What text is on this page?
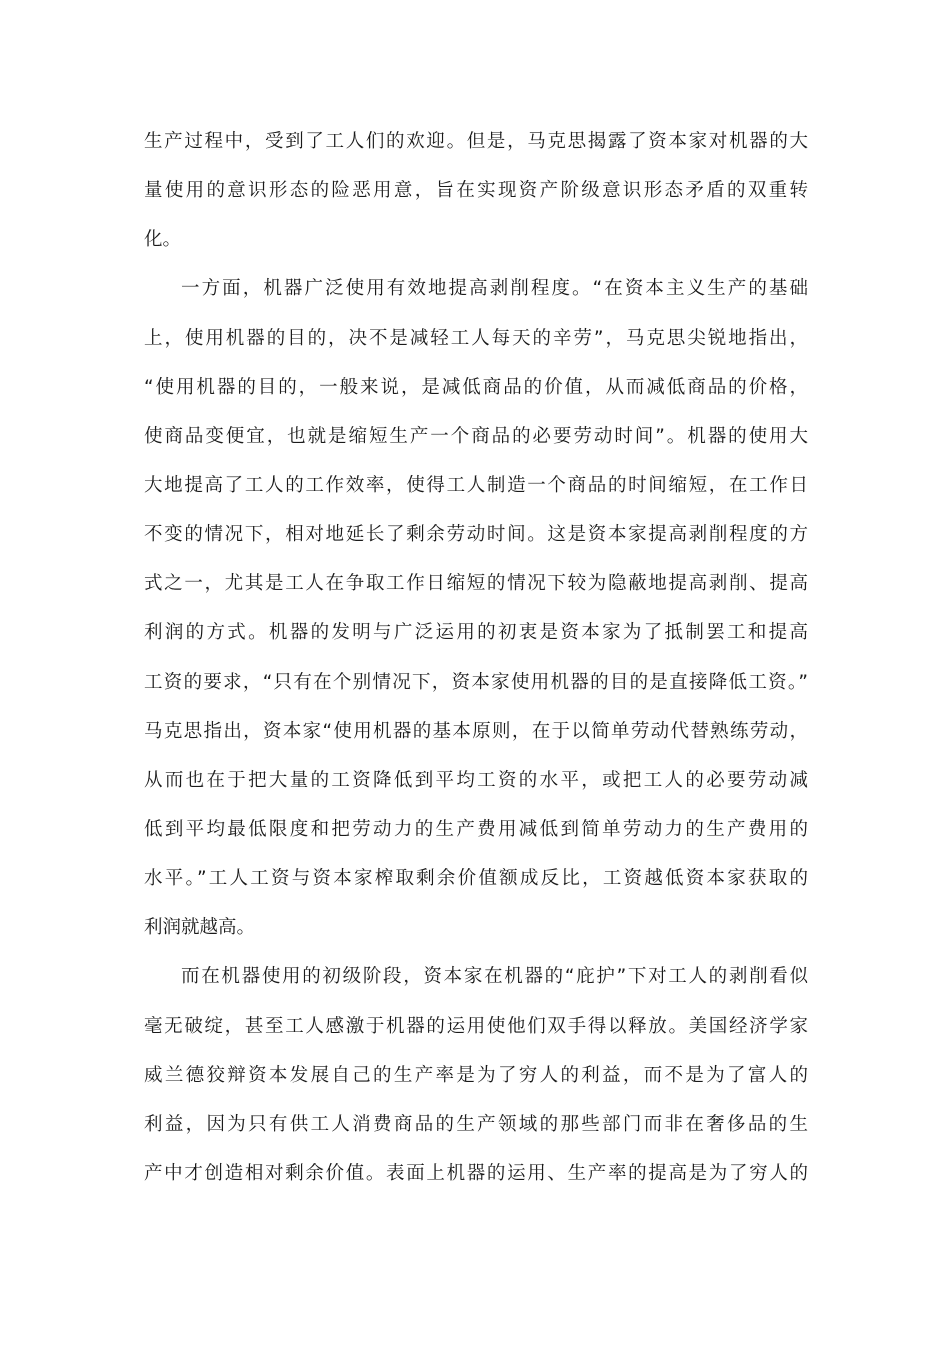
生产过程中，受到了工人们的欢迎。但是，马克思揭露了资本家对机器的大
量使用的意识形态的险恶用意，旨在实现资产阶级意识形态矛盾的双重转
化。
一方面，机器广泛使用有效地提高剥削程度。“在资本主义生产的基础
上，使用机器的目的，决不是减轻工人每天的辛劳”，马克思尖锐地指出，
“使用机器的目的，一般来说，是减低商品的价值，从而减低商品的价格，
使商品变便宜，也就是缩短生产一个商品的必要劳动时间”。机器的使用大
大地提高了工人的工作效率，使得工人制造一个商品的时间缩短，在工作日
不变的情况下，相对地延长了剩余劳动时间。这是资本家提高剥削程度的方
式之一，尤其是工人在争取工作日缩短的情况下较为隐蔽地提高剥削、提高
利润的方式。机器的发明与广泛运用的初衷是资本家为了抵制罢工和提高
工资的要求，“只有在个别情况下，资本家使用机器的目的是直接降低工资。”
马克思指出，资本家“使用机器的基本原则，在于以简单劳动代替熟练劳动，
从而也在于把大量的工资降低到平均工资的水平，或把工人的必要劳动减
低到平均最低限度和把劳动力的生产费用减低到简单劳动力的生产费用的
水平。”工人工资与资本家榨取剩余价值额成反比，工资越低资本家获取的
利润就越高。
而在机器使用的初级阶段，资本家在机器的“庇护”下对工人的剥削看似
毫无破绽，甚至工人感激于机器的运用使他们双手得以释放。美国经济学家
威兰德狡辩资本发展自己的生产率是为了穷人的利益，而不是为了富人的
利益，因为只有供工人消费商品的生产领域的那些部门而非在奢侈品的生
产中才创造相对剩余价值。表面上机器的运用、生产率的提高是为了穷人的
